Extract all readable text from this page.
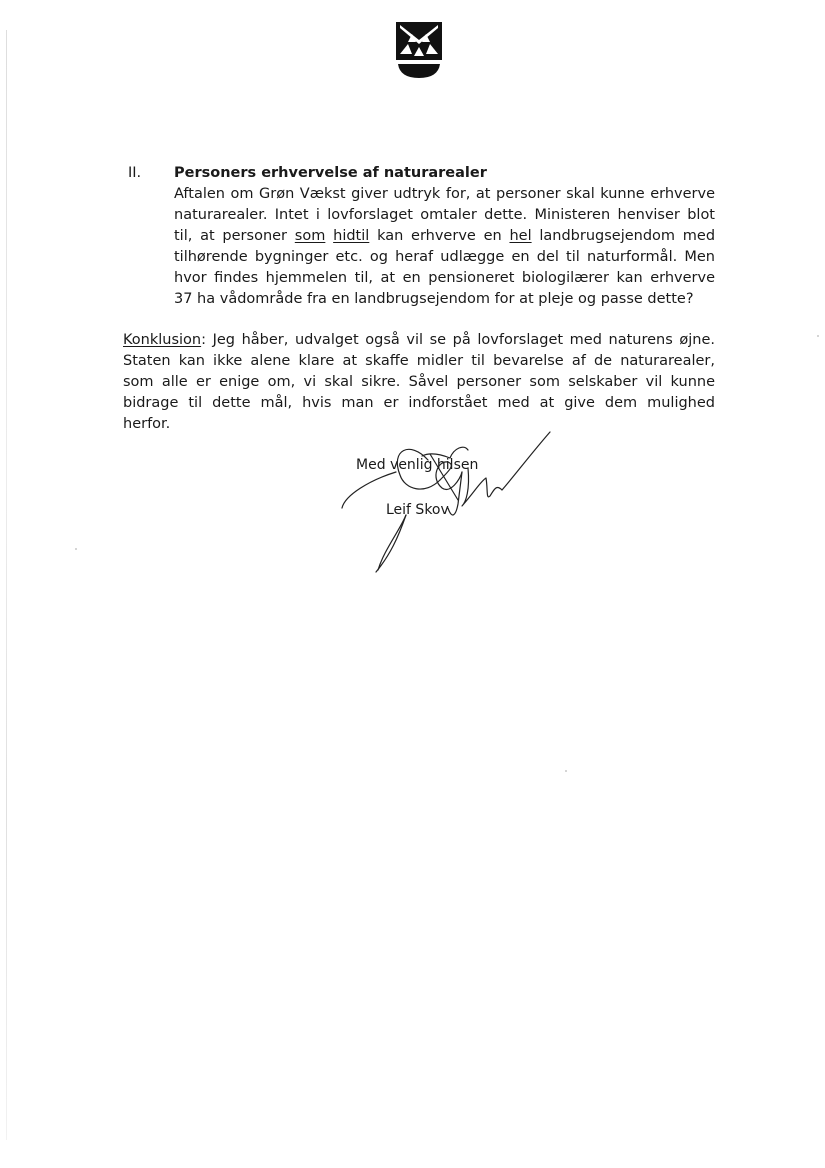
II. Personers erhvervelse af naturarealer
Aftalen om Grøn Vækst giver udtryk for, at personer skal kunne erhverve
naturarealer. Intet i lovforslaget omtaler dette. Ministeren henviser blot
til, at personer som hidtil kan erhverve en hel landbrugsejendom med
tilhørende bygninger etc. og heraf udlægge en del til naturformål. Men
hvor findes hjemmelen til, at en pensioneret biologilærer kan erhverve
37 ha vådområde fra en landbrugsejendom for at pleje og passe dette?
Konklusion: Jeg håber, udvalget også vil se på lovforslaget med naturens øjne.
Staten kan ikke alene klare at skaffe midler til bevarelse af de naturarealer,
som alle er enige om, vi skal sikre. Såvel personer som selskaber vil kunne
bidrage til dette mål, hvis man er indforstået med at give dem mulighed
herfor.
Med venlig hilsen
Leif Skov
